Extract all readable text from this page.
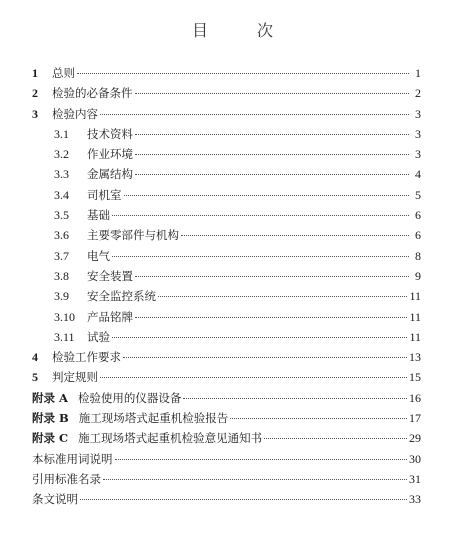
目 次
1	总则	1
2	检验的必备条件	2
3	检验内容	3
3.1	技术资料	3
3.2	作业环境	3
3.3	金属结构	4
3.4	司机室	5
3.5	基础	6
3.6	主要零部件与机构	6
3.7	电气	8
3.8	安全装置	9
3.9	安全监控系统	11
3.10	产品铭牌	11
3.11	试验	11
4	检验工作要求	13
5	判定规则	15
附录 A 检验使用的仪器设备	16
附录 B 施工现场塔式起重机检验报告	17
附录 C 施工现场塔式起重机检验意见通知书	29
本标准用词说明	30
引用标准名录	31
条文说明	33
